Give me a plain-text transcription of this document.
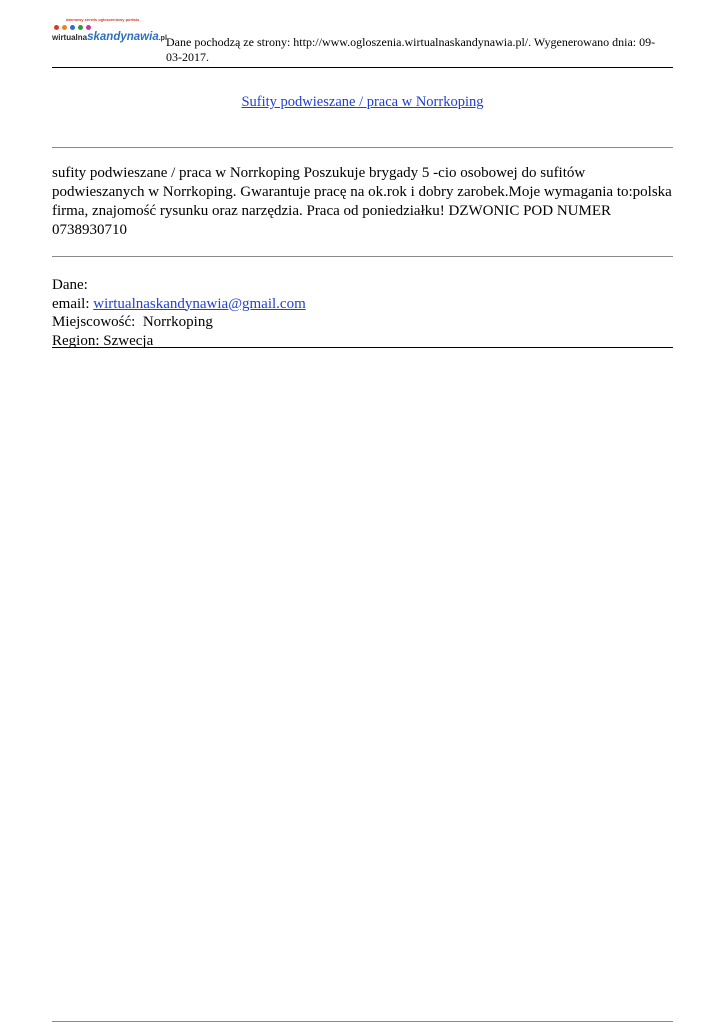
darmowy serwis ogłoszeniowy portalu
wirtualnaskandynawia.pl Dane pochodzą ze strony: http://www.ogloszenia.wirtualnaskandynawia.pl/. Wygenerowano dnia: 09-03-2017.
Sufity podwieszane / praca w Norrkoping
sufity podwieszane / praca w Norrkoping Poszukuje brygady 5 -cio osobowej do sufitów podwieszanych w Norrkoping. Gwarantuje pracę na ok.rok i dobry zarobek.Moje wymagania to:polska firma, znajomość rysunku oraz narzędzia. Praca od poniedziałku! DZWONIC POD NUMER 0738930710
Dane:
email: wirtualnaskandynawia@gmail.com
Miejscowość: Norrkoping
Region: Szwecja
